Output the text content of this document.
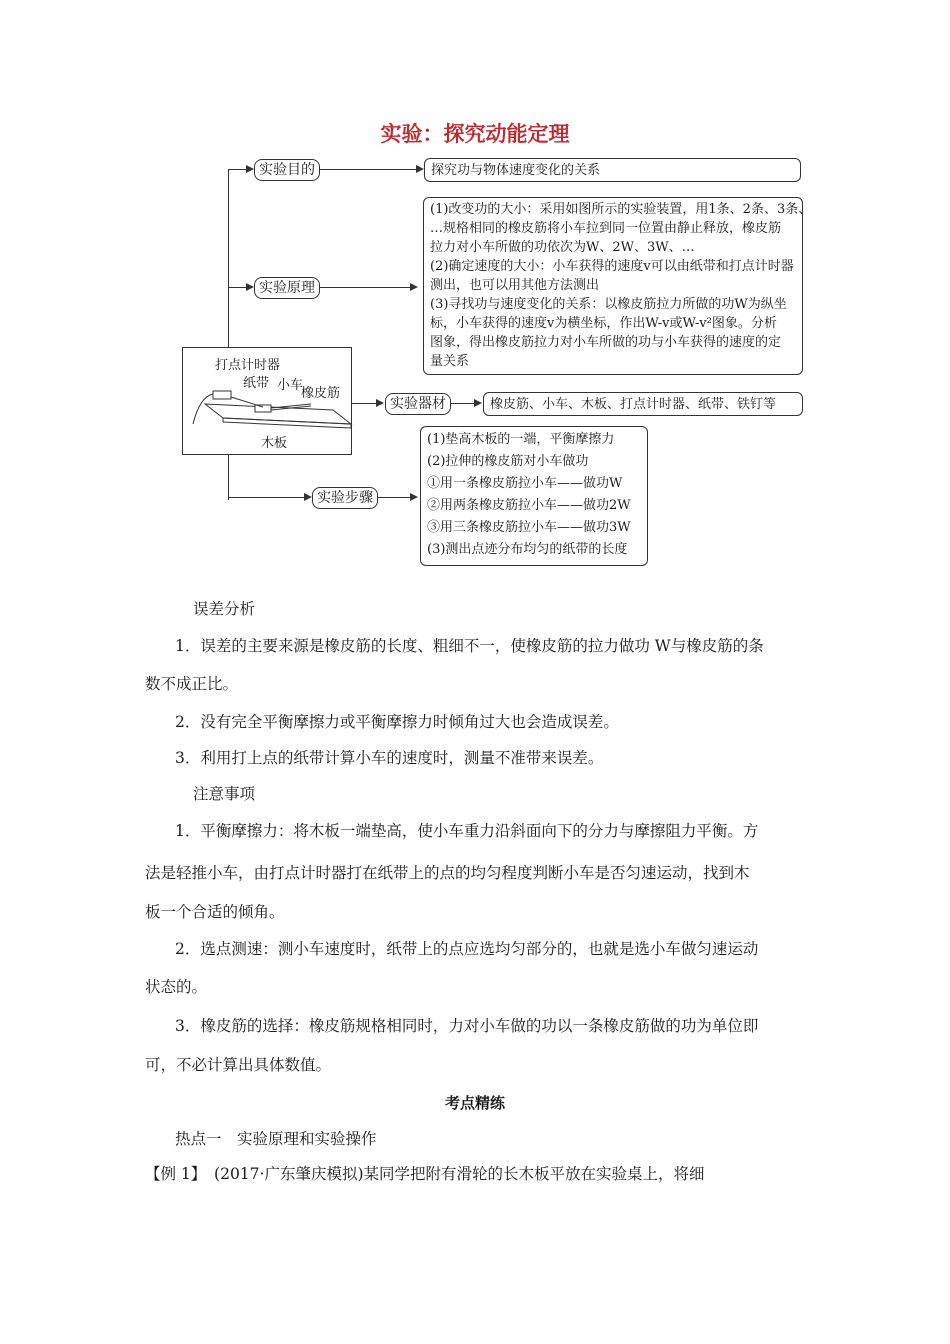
实验：探究动能定理
实验目的	探究功与物体速度变化的关系
实验原理
(1)改变功的大小：采用如图所示的实验装置，用1条、2条、3条、
…规格相同的橡皮筋将小车拉到同一位置由静止释放，橡皮筋
拉力对小车所做的功依次为W、2W、3W、…
(2)确定速度的大小：小车获得的速度v可以由纸带和打点计时器
测出，也可以用其他方法测出
(3)寻找功与速度变化的关系：以橡皮筋拉力所做的功W为纵坐
标，小车获得的速度v为横坐标，作出W-v或W-v²图象。分析
图象，得出橡皮筋拉力对小车所做的功与小车获得的速度的定
量关系
打点计时器
纸带 小车
橡皮筋
木板
实验器材	橡皮筋、小车、木板、打点计时器、纸带、铁钉等
实验步骤
(1)垫高木板的一端，平衡摩擦力
(2)拉伸的橡皮筋对小车做功
①用一条橡皮筋拉小车——做功W
②用两条橡皮筋拉小车——做功2W
③用三条橡皮筋拉小车——做功3W
(3)测出点迹分布均匀的纸带的长度
误差分析
1．误差的主要来源是橡皮筋的长度、粗细不一，使橡皮筋的拉力做功 W与橡皮筋的条
数不成正比。
2．没有完全平衡摩擦力或平衡摩擦力时倾角过大也会造成误差。
3．利用打上点的纸带计算小车的速度时，测量不准带来误差。
注意事项
1．平衡摩擦力：将木板一端垫高，使小车重力沿斜面向下的分力与摩擦阻力平衡。方
法是轻推小车，由打点计时器打在纸带上的点的均匀程度判断小车是否匀速运动，找到木
板一个合适的倾角。
2．选点测速：测小车速度时，纸带上的点应选均匀部分的，也就是选小车做匀速运动
状态的。
3．橡皮筋的选择：橡皮筋规格相同时，力对小车做的功以一条橡皮筋做的功为单位即
可，不必计算出具体数值。
考点精练
热点一　实验原理和实验操作
【例 1】　(2017·广东肇庆模拟)某同学把附有滑轮的长木板平放在实验桌上，将细
